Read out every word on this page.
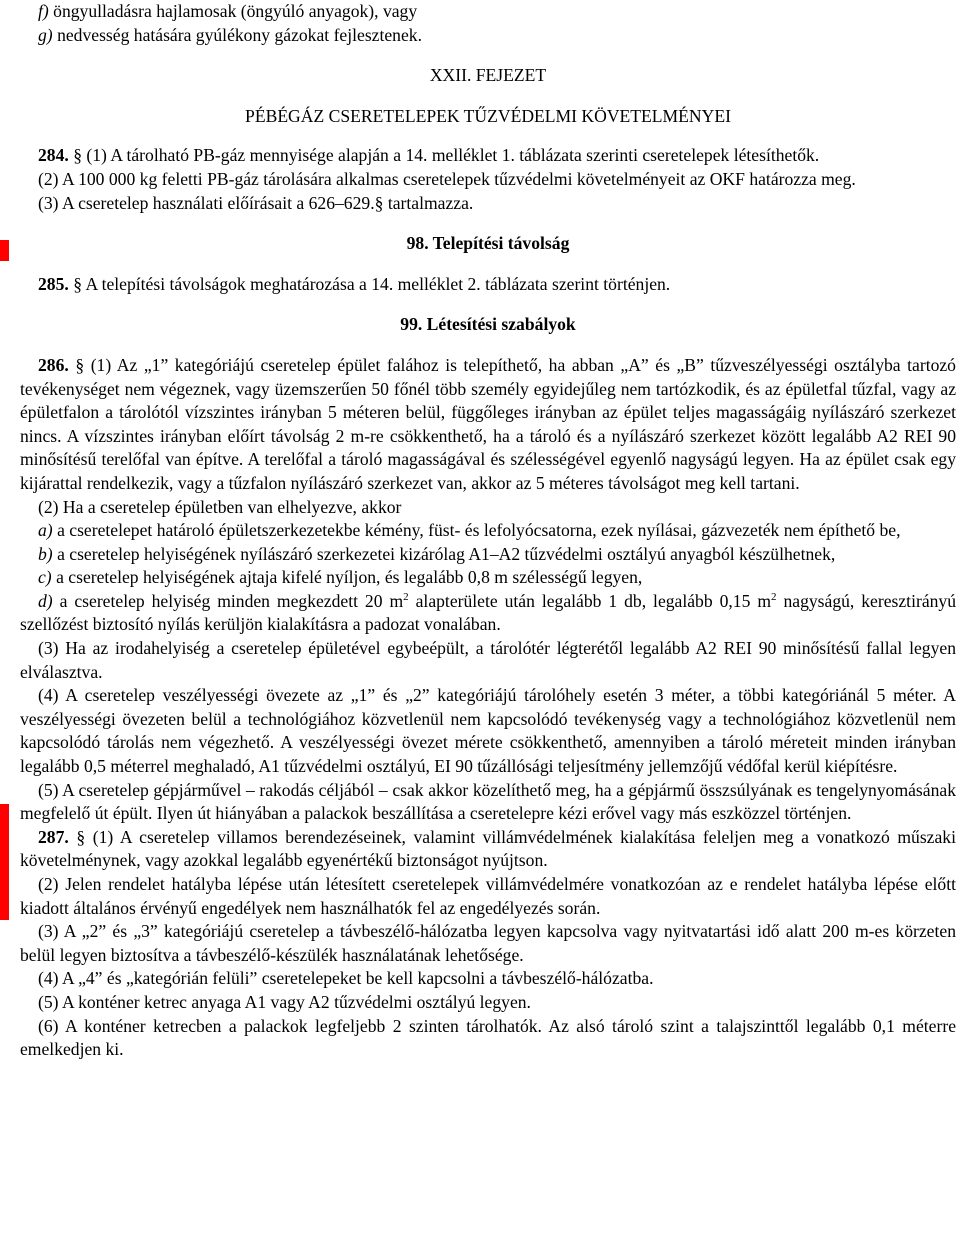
f) öngyulladásra hajlamosak (öngyúló anyagok), vagy

g) nedvesség hatására gyúlékony gázokat fejlesztenek.

XXII. FEJEZET

PÉBÉGÁZ CSERETELEPEK TŰZVÉDELMI KÖVETELMÉNYEI

284. § (1) A tárolható PB-gáz mennyisége alapján a 14. melléklet 1. táblázata szerinti cseretelepek létesíthetők.

(2) A 100 000 kg feletti PB-gáz tárolására alkalmas cseretelepek tűzvédelmi követelményeit az OKF határozza meg.

(3) A cseretelep használati előírásait a 626–629.§ tartalmazza.

98. Telepítési távolság

285. § A telepítési távolságok meghatározása a 14. melléklet 2. táblázata szerint történjen.

99. Létesítési szabályok

286. § (1) Az „1” kategóriájú cseretelep épület falához is telepíthető, ha abban „A” és „B” tűzveszélyességi osztályba tartozó tevékenységet nem végeznek, vagy üzemszerűen 50 főnél több személy egyidejűleg nem tartózkodik, és az épületfal tűzfal, vagy az épületfalon a tárolótól vízszintes irányban 5 méteren belül, függőleges irányban az épület teljes magasságáig nyílászáró szerkezet nincs. A vízszintes irányban előírt távolság 2 m-re csökkenthető, ha a tároló és a nyílászáró szerkezet között legalább A2 REI 90 minősítésű terelőfal van építve. A terelőfal a tároló magasságával és szélességével egyenlő nagyságú legyen. Ha az épület csak egy kijárattal rendelkezik, vagy a tűzfalon nyílászáró szerkezet van, akkor az 5 méteres távolságot meg kell tartani.

(2) Ha a cseretelep épületben van elhelyezve, akkor

a) a cseretelepet határoló épületszerkezetekbe kémény, füst- és lefolyócsatorna, ezek nyílásai, gázvezeték nem építhető be,

b) a cseretelep helyiségének nyílászáró szerkezetei kizárólag A1–A2 tűzvédelmi osztályú anyagból készülhetnek,

c) a cseretelep helyiségének ajtaja kifelé nyíljon, és legalább 0,8 m szélességű legyen,

d) a cseretelep helyiség minden megkezdett 20 $m^2$ alapterülete után legalább 1 db, legalább 0,15 $m^2$ nagyságú, keresztirányú szellőzést biztosító nyílás kerüljön kialakításra a padozat vonalában.

(3) Ha az irodahelyiség a cseretelep épületével egybeépült, a tárolótér légterétől legalább A2 REI 90 minősítésű fallal legyen elválasztva.

(4) A cseretelep veszélyességi övezete az „1” és „2” kategóriájú tárolóhely esetén 3 méter, a többi kategóriánál 5 méter. A veszélyességi övezeten belül a technológiához közvetlenül nem kapcsolódó tevékenység vagy a technológiához közvetlenül nem kapcsolódó tárolás nem végezhető. A veszélyességi övezet mérete csökkenthető, amennyiben a tároló méreteit minden irányban legalább 0,5 méterrel meghaladó, A1 tűzvédelmi osztályú, EI 90 tűzállósági teljesítmény jellemzőjű védőfal kerül kiépítésre.

(5) A cseretelep gépjárművel – rakodás céljából – csak akkor közelíthető meg, ha a gépjármű összsúlyának es tengelynyomásának megfelelő út épült. Ilyen út hiányában a palackok beszállítása a cseretelepre kézi erővel vagy más eszközzel történjen.

287. § (1) A cseretelep villamos berendezéseinek, valamint villámvédelmének kialakítása feleljen meg a vonatkozó műszaki követelménynek, vagy azokkal legalább egyenértékű biztonságot nyújtson.

(2) Jelen rendelet hatályba lépése után létesített cseretelepek villámvédelmére vonatkozóan az e rendelet hatályba lépése előtt kiadott általános érvényű engedélyek nem használhatók fel az engedélyezés során.

(3) A „2” és „3” kategóriájú cseretelep a távbeszélő-hálózatba legyen kapcsolva vagy nyitvatartási idő alatt 200 m-es körzeten belül legyen biztosítva a távbeszélő-készülék használatának lehetősége.

(4) A „4” és „kategórián felüli” cseretelepeket be kell kapcsolni a távbeszélő-hálózatba.

(5) A konténer ketrec anyaga A1 vagy A2 tűzvédelmi osztályú legyen.

(6) A konténer ketrecben a palackok legfeljebb 2 szinten tárolhatók. Az alsó tároló szint a talajszinttől legalább 0,1 méterre emelkedjen ki.
